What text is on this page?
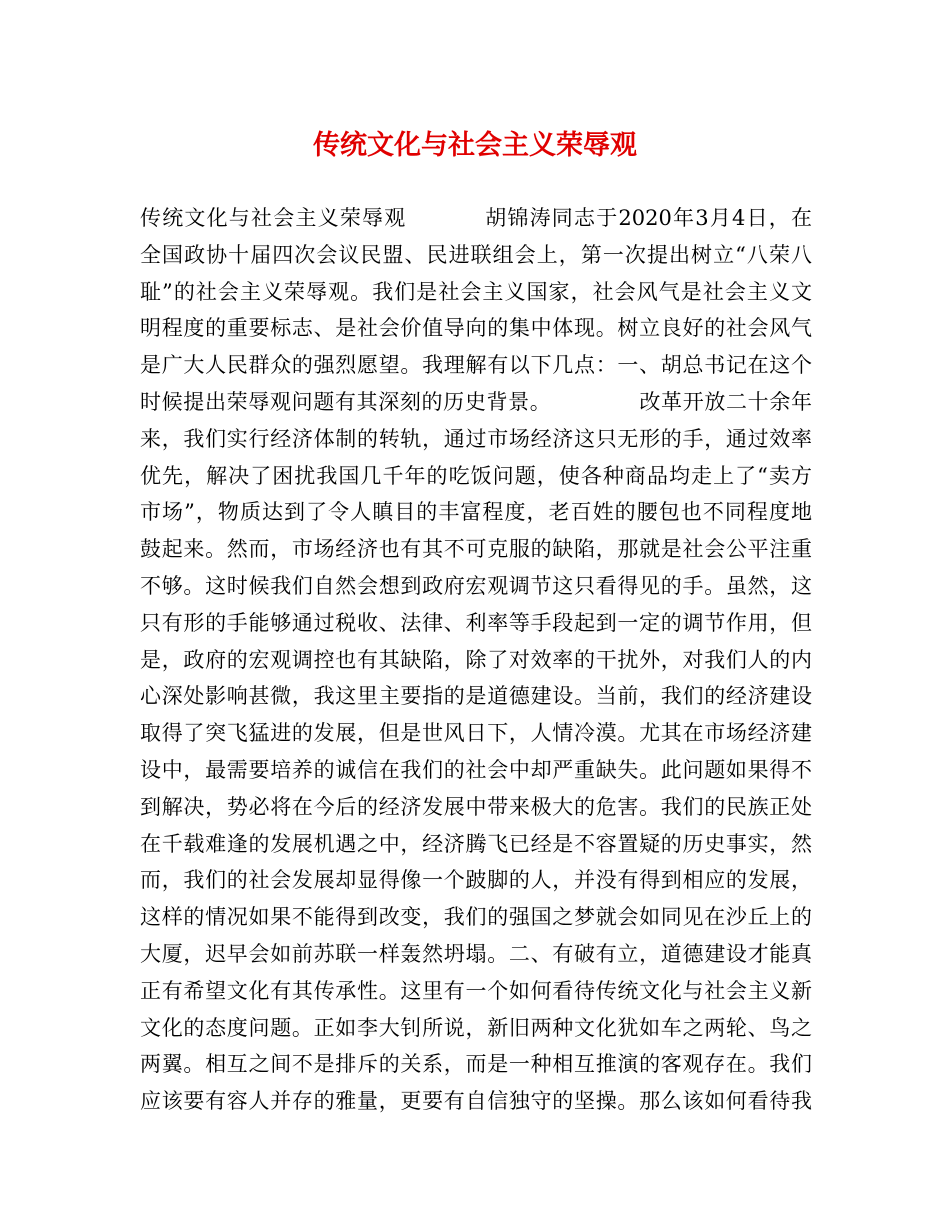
传统文化与社会主义荣辱观
传统文化与社会主义荣辱观          胡锦涛同志于2020年3月4日，在
全国政协十届四次会议民盟、民进联组会上，第一次提出树立“八荣八
耻”的社会主义荣辱观。我们是社会主义国家，社会风气是社会主义文
明程度的重要标志、是社会价值导向的集中体现。树立良好的社会风气
是广大人民群众的强烈愿望。我理解有以下几点：一、胡总书记在这个
时候提出荣辱观问题有其深刻的历史背景。            改革开放二十余年
来，我们实行经济体制的转轨，通过市场经济这只无形的手，通过效率
优先，解决了困扰我国几千年的吃饭问题，使各种商品均走上了“卖方
市场”，物质达到了令人瞋目的丰富程度，老百姓的腰包也不同程度地
鼓起来。然而，市场经济也有其不可克服的缺陷，那就是社会公平注重
不够。这时候我们自然会想到政府宏观调节这只看得见的手。虽然，这
只有形的手能够通过税收、法律、利率等手段起到一定的调节作用，但
是，政府的宏观调控也有其缺陷，除了对效率的干扰外，对我们人的内
心深处影响甚微，我这里主要指的是道德建设。当前，我们的经济建设
取得了突飞猛进的发展，但是世风日下，人情冷漠。尤其在市场经济建
设中，最需要培养的诚信在我们的社会中却严重缺失。此问题如果得不
到解决，势必将在今后的经济发展中带来极大的危害。我们的民族正处
在千载难逢的发展机遇之中，经济腾飞已经是不容置疑的历史事实，然
而，我们的社会发展却显得像一个跛脚的人，并没有得到相应的发展，
这样的情况如果不能得到改变，我们的强国之梦就会如同见在沙丘上的
大厦，迟早会如前苏联一样轰然坍塌。二、有破有立，道德建设才能真
正有希望文化有其传承性。这里有一个如何看待传统文化与社会主义新
文化的态度问题。正如李大钊所说，新旧两种文化犹如车之两轮、鸟之
两翼。相互之间不是排斥的关系，而是一种相互推演的客观存在。我们
应该要有容人并存的雅量，更要有自信独守的坚操。那么该如何看待我
